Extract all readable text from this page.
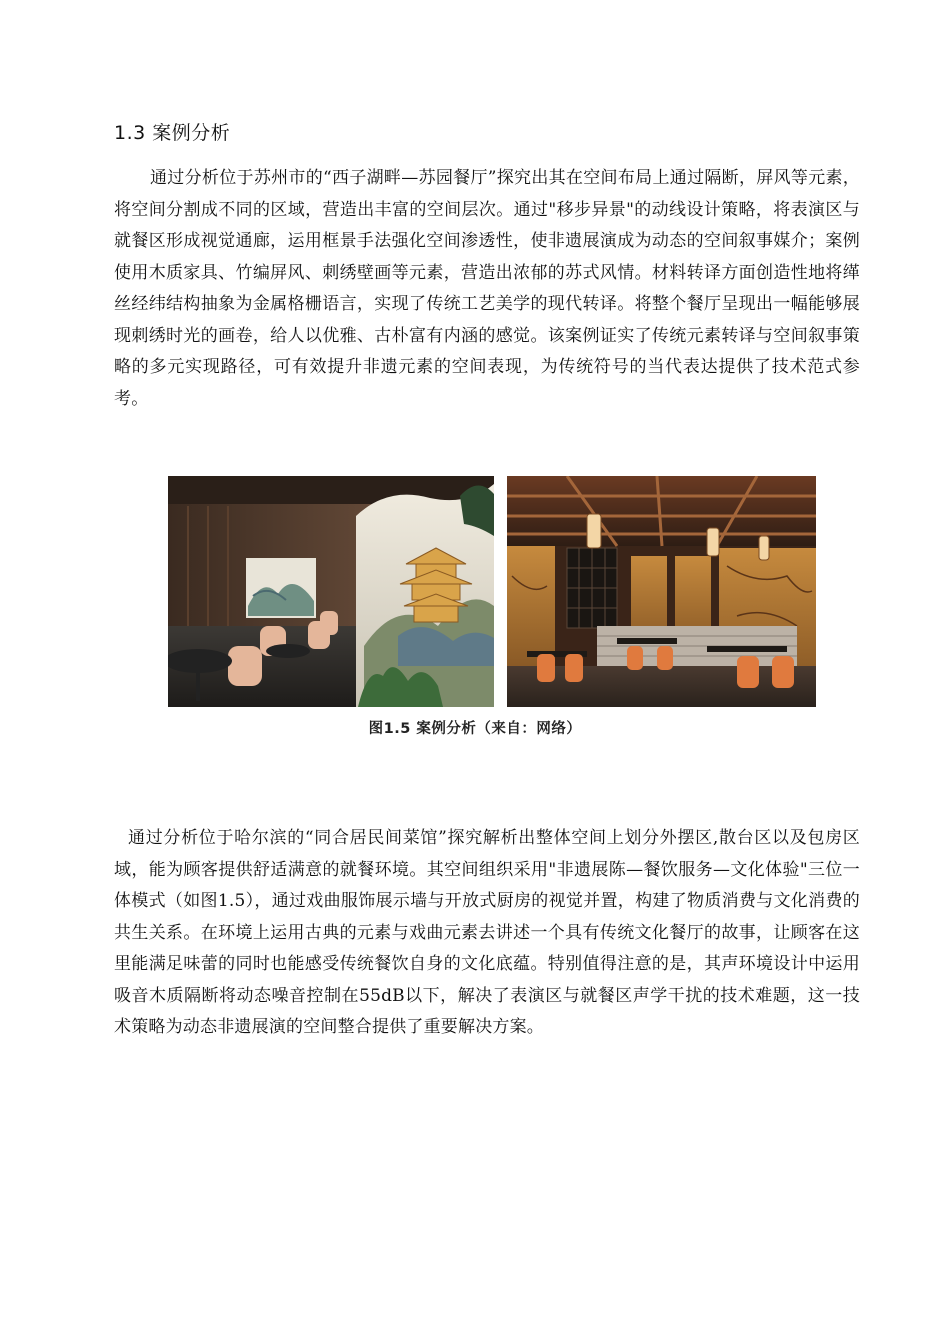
1.3 案例分析

通过分析位于苏州市的“西子湖畔—苏园餐厅”探究出其在空间布局上通过隔断，屏风等元素，将空间分割成不同的区域，营造出丰富的空间层次。通过"移步异景"的动线设计策略，将表演区与就餐区形成视觉通廊，运用框景手法强化空间渗透性，使非遗展演成为动态的空间叙事媒介；案例使用木质家具、竹编屏风、刺绣壁画等元素，营造出浓郁的苏式风情。材料转译方面创造性地将缂丝经纬结构抽象为金属格栅语言，实现了传统工艺美学的现代转译。将整个餐厅呈现出一幅能够展现刺绣时光的画卷，给人以优雅、古朴富有内涵的感觉。该案例证实了传统元素转译与空间叙事策略的多元实现路径，可有效提升非遗元素的空间表现，为传统符号的当代表达提供了技术范式参考。

图1.5 案例分析（来自：网络）

通过分析位于哈尔滨的“同合居民间菜馆”探究解析出整体空间上划分外摆区,散台区以及包房区域，能为顾客提供舒适满意的就餐环境。其空间组织采用"非遗展陈—餐饮服务—文化体验"三位一体模式（如图1.5），通过戏曲服饰展示墙与开放式厨房的视觉并置，构建了物质消费与文化消费的共生关系。在环境上运用古典的元素与戏曲元素去讲述一个具有传统文化餐厅的故事，让顾客在这里能满足味蕾的同时也能感受传统餐饮自身的文化底蕴。特别值得注意的是，其声环境设计中运用吸音木质隔断将动态噪音控制在55dB以下，解决了表演区与就餐区声学干扰的技术难题，这一技术策略为动态非遗展演的空间整合提供了重要解决方案。
